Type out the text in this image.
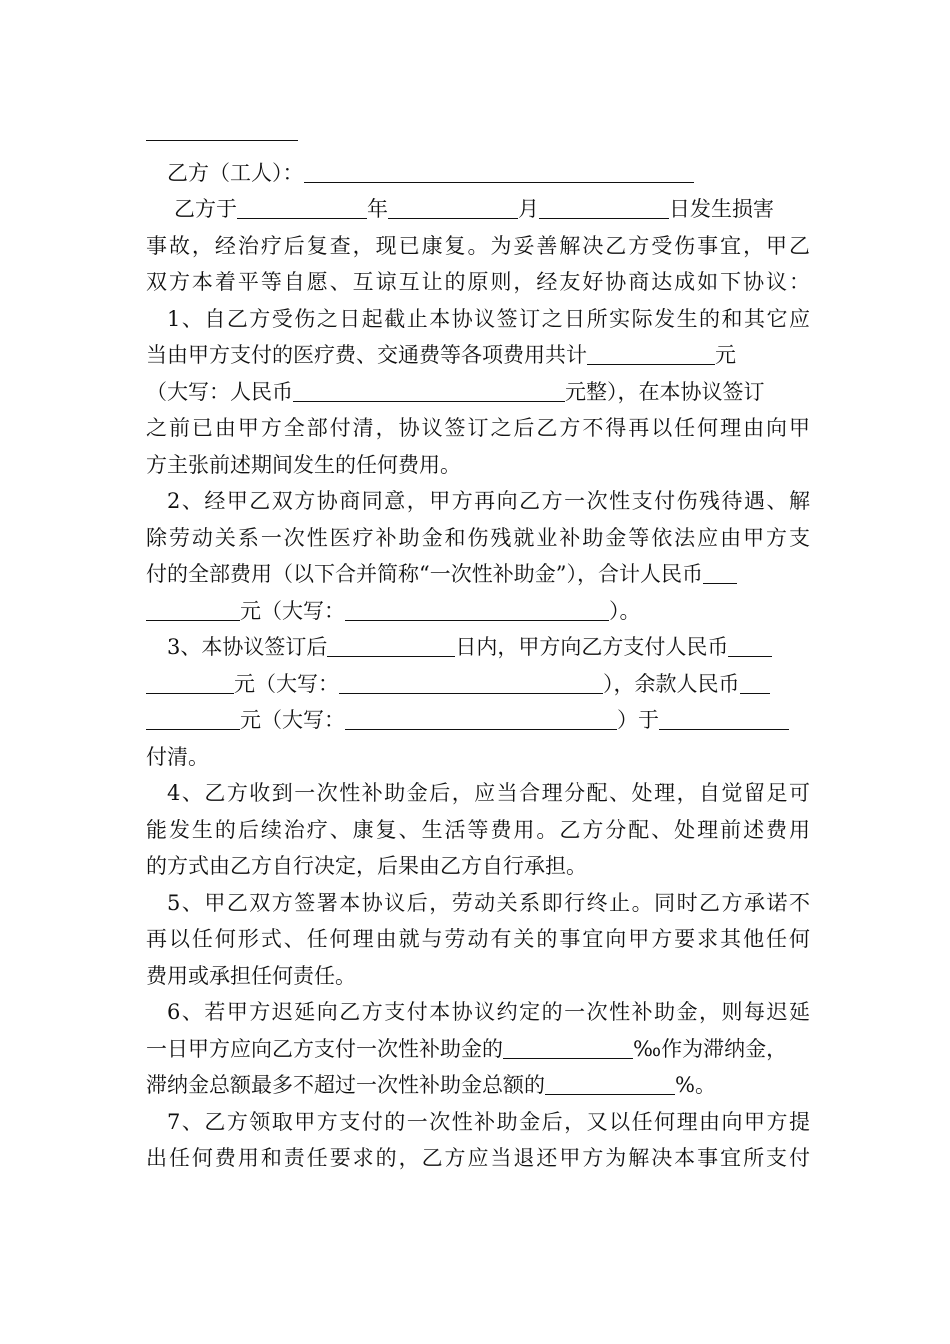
乙方（工人）：
乙方于	年	月	日发生损害
事故，经治疗后复查，现已康复。为妥善解决乙方受伤事宜，甲乙
双方本着平等自愿、互谅互让的原则，经友好协商达成如下协议：
1、自乙方受伤之日起截止本协议签订之日所实际发生的和其它应
当由甲方支付的医疗费、交通费等各项费用共计	元
（大写：人民币	元整），在本协议签订
之前已由甲方全部付清，协议签订之后乙方不得再以任何理由向甲
方主张前述期间发生的任何费用。
2、经甲乙双方协商同意，甲方再向乙方一次性支付伤残待遇、解
除劳动关系一次性医疗补助金和伤残就业补助金等依法应由甲方支
付的全部费用（以下合并简称“一次性补助金”），合计人民币
元（大写：	）。
3、本协议签订后	日内，甲方向乙方支付人民币
元（大写：	），余款人民币
元（大写：	）于
付清。
4、乙方收到一次性补助金后，应当合理分配、处理，自觉留足可
能发生的后续治疗、康复、生活等费用。乙方分配、处理前述费用
的方式由乙方自行决定，后果由乙方自行承担。
5、甲乙双方签署本协议后，劳动关系即行终止。同时乙方承诺不
再以任何形式、任何理由就与劳动有关的事宜向甲方要求其他任何
费用或承担任何责任。
6、若甲方迟延向乙方支付本协议约定的一次性补助金，则每迟延
一日甲方应向乙方支付一次性补助金的	‰作为滞纳金，
滞纳金总额最多不超过一次性补助金总额的	%。
7、乙方领取甲方支付的一次性补助金后，又以任何理由向甲方提
出任何费用和责任要求的，乙方应当退还甲方为解决本事宜所支付
